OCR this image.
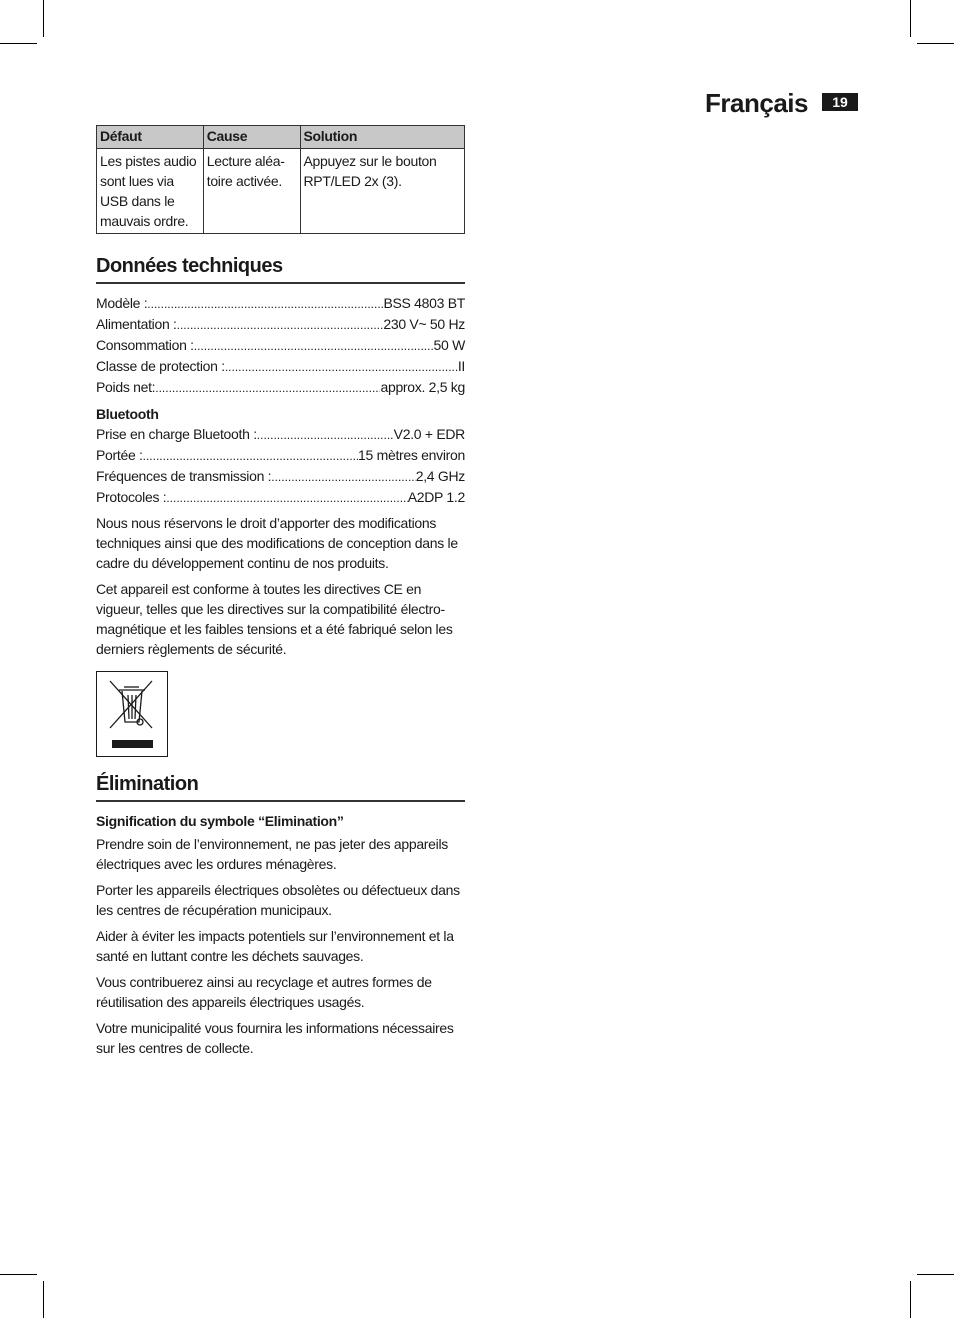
Français	19
Défaut	Cause	Solution
Les pistes audio sont lues via USB dans le mauvais ordre.	Lecture aléa-toire activée.	Appuyez sur le bouton RPT/LED 2x (3).
Données techniques
Modèle : .....	BSS 4803 BT
Alimentation : .....	230 V~ 50 Hz
Consommation : .....	50 W
Classe de protection : .....	II
Poids net: .....	approx. 2,5 kg
Bluetooth
Prise en charge Bluetooth : .....	V2.0 + EDR
Portée : .....	15 mètres environ
Fréquences de transmission : .....	2,4 GHz
Protocoles : .....	A2DP 1.2

Nous nous réservons le droit d’apporter des modifications techniques ainsi que des modifications de conception dans le cadre du développement continu de nos produits.

Cet appareil est conforme à toutes les directives CE en vigueur, telles que les directives sur la compatibilité électro-magnétique et les faibles tensions et a été fabriqué selon les derniers règlements de sécurité.

Élimination
Signification du symbole “Elimination”

Prendre soin de l’environnement, ne pas jeter des appareils électriques avec les ordures ménagères.

Porter les appareils électriques obsolètes ou défectueux dans les centres de récupération municipaux.

Aider à éviter les impacts potentiels sur l’environnement et la santé en luttant contre les déchets sauvages.

Vous contribuerez ainsi au recyclage et autres formes de réutilisation des appareils électriques usagés.

Votre municipalité vous fournira les informations nécessaires sur les centres de collecte.
